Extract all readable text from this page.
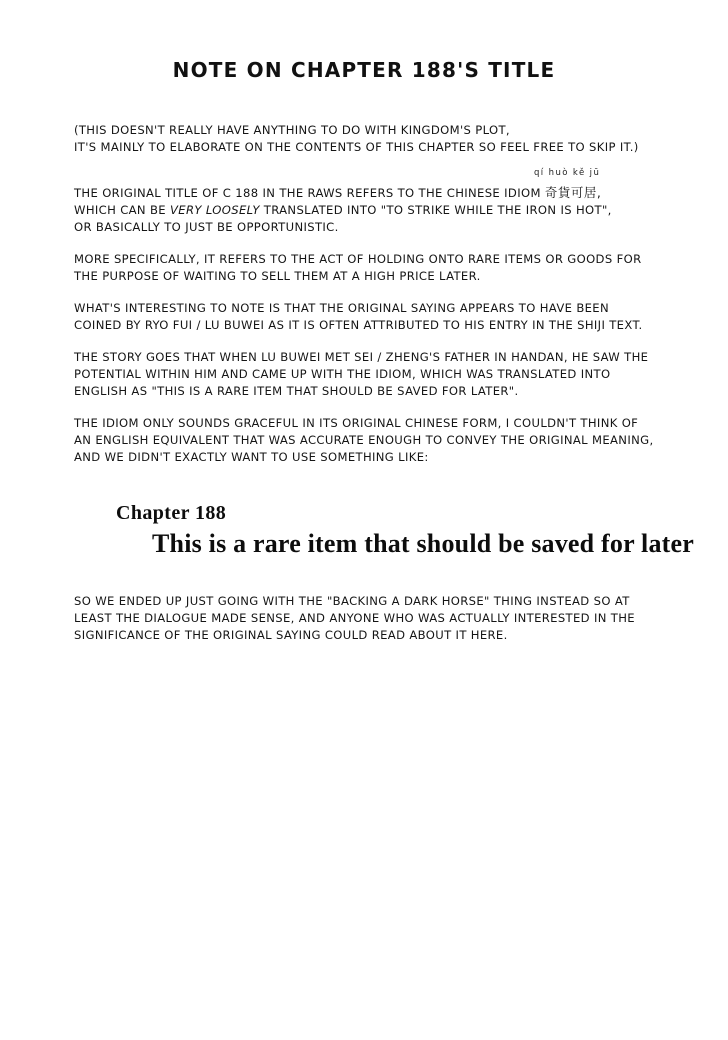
NOTE ON CHAPTER 188'S TITLE

(THIS DOESN'T REALLY HAVE ANYTHING TO DO WITH KINGDOM'S PLOT,
IT'S MAINLY TO ELABORATE ON THE CONTENTS OF THIS CHAPTER SO FEEL FREE TO SKIP IT.)

qí huò kě jū

THE ORIGINAL TITLE OF C 188 IN THE RAWS REFERS TO THE CHINESE IDIOM 奇貨可居,
WHICH CAN BE VERY LOOSELY TRANSLATED INTO "TO STRIKE WHILE THE IRON IS HOT",
OR BASICALLY TO JUST BE OPPORTUNISTIC.

MORE SPECIFICALLY, IT REFERS TO THE ACT OF HOLDING ONTO RARE ITEMS OR GOODS FOR THE PURPOSE OF WAITING TO SELL THEM AT A HIGH PRICE LATER.

WHAT'S INTERESTING TO NOTE IS THAT THE ORIGINAL SAYING APPEARS TO HAVE BEEN COINED BY RYO FUI / LU BUWEI AS IT IS OFTEN ATTRIBUTED TO HIS ENTRY IN THE SHIJI TEXT.

THE STORY GOES THAT WHEN LU BUWEI MET SEI / ZHENG'S FATHER IN HANDAN, HE SAW THE POTENTIAL WITHIN HIM AND CAME UP WITH THE IDIOM, WHICH WAS TRANSLATED INTO ENGLISH AS "THIS IS A RARE ITEM THAT SHOULD BE SAVED FOR LATER".

THE IDIOM ONLY SOUNDS GRACEFUL IN ITS ORIGINAL CHINESE FORM, I COULDN'T THINK OF AN ENGLISH EQUIVALENT THAT WAS ACCURATE ENOUGH TO CONVEY THE ORIGINAL MEANING, AND WE DIDN'T EXACTLY WANT TO USE SOMETHING LIKE:

Chapter 188
This is a rare item that should be saved for later

SO WE ENDED UP JUST GOING WITH THE "BACKING A DARK HORSE" THING INSTEAD SO AT LEAST THE DIALOGUE MADE SENSE, AND ANYONE WHO WAS ACTUALLY INTERESTED IN THE SIGNIFICANCE OF THE ORIGINAL SAYING COULD READ ABOUT IT HERE.
